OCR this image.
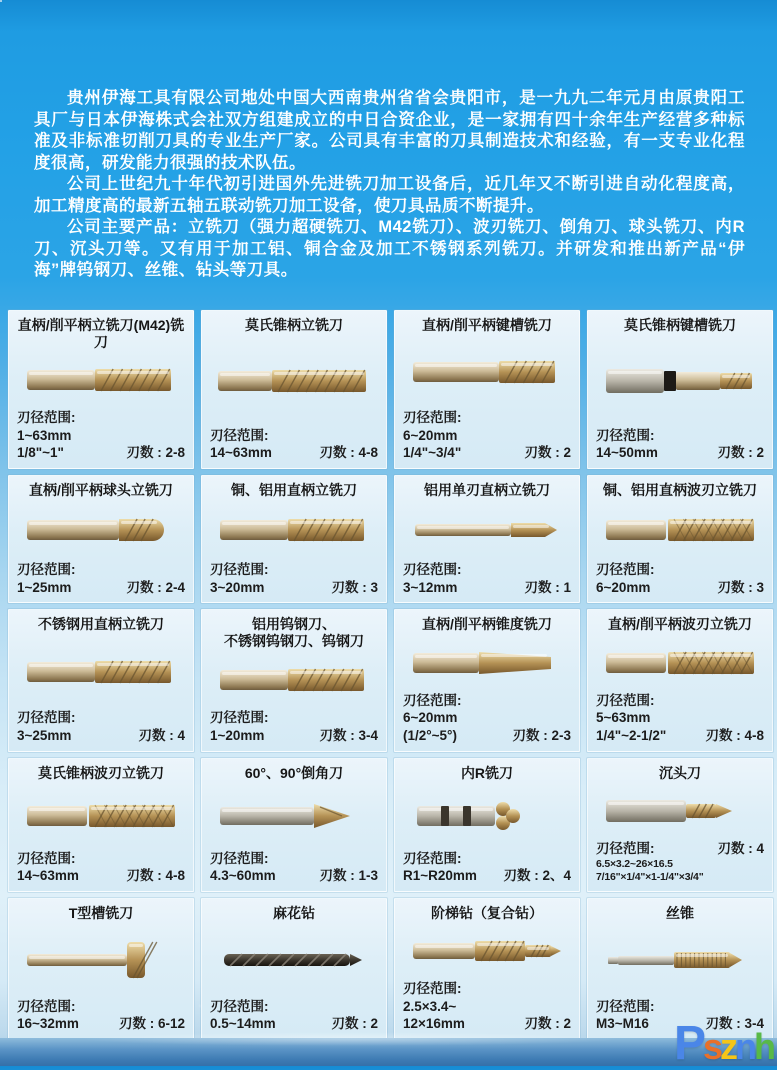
贵州伊海工具有限公司地处中国大西南贵州省省会贵阳市，是一九九二年元月由原贵阳工具厂与日本伊海株式会社双方组建成立的中日合资企业，是一家拥有四十余年生产经营多种标准及非标准切削刀具的专业生产厂家。公司具有丰富的刀具制造技术和经验，有一支专业化程度很高，研发能力很强的技术队伍。

公司上世纪九十年代初引进国外先进铣刀加工设备后，近几年又不断引进自动化程度高，加工精度高的最新五轴五联动铣刀加工设备，使刀具品质不断提升。

公司主要产品：立铣刀（强力超硬铣刀、M42铣刀）、波刃铣刀、倒角刀、球头铣刀、内R刀、沉头刀等。又有用于加工铝、铜合金及加工不锈钢系列铣刀。并研发和推出新产品“伊海”牌钨钢刀、丝锥、钻头等刀具。

直柄/削平柄立铣刀(M42)铣刀
刃径范围:
1~63mm
1/8"~1"	刃数 : 2-8
莫氏锥柄立铣刀
刃径范围:
14~63mm	刃数 : 4-8
直柄/削平柄键槽铣刀
刃径范围:
6~20mm
1/4"~3/4"	刃数 : 2
莫氏锥柄键槽铣刀
刃径范围:
14~50mm	刃数 : 2
直柄/削平柄球头立铣刀
刃径范围:
1~25mm	刃数 : 2-4
铜、铝用直柄立铣刀
刃径范围:
3~20mm	刃数 : 3
铝用单刃直柄立铣刀
刃径范围:
3~12mm	刃数 : 1
铜、铝用直柄波刃立铣刀
刃径范围:
6~20mm	刃数 : 3
不锈钢用直柄立铣刀
刃径范围:
3~25mm	刃数 : 4
铝用钨钢刀、
不锈钢钨钢刀、钨钢刀
刃径范围:
1~20mm	刃数 : 3-4
直柄/削平柄锥度铣刀
刃径范围:
6~20mm
(1/2°~5°)	刃数 : 2-3
直柄/削平柄波刃立铣刀
刃径范围:
5~63mm
1/4"~2-1/2"	刃数 : 4-8
莫氏锥柄波刃立铣刀
刃径范围:
14~63mm	刃数 : 4-8
60°、90°倒角刀
刃径范围:
4.3~60mm	刃数 : 1-3
内R铣刀
刃径范围:
R1~R20mm 刃数 : 2、4
沉头刀
刃径范围:	刃数 : 4
6.5×3.2~26×16.5
7/16"×1/4"×1-1/4"×3/4"
T型槽铣刀
刃径范围:
16~32mm	刃数 : 6-12
麻花钻
刃径范围:
0.5~14mm	刃数 : 2
阶梯钻（复合钻）
刃径范围:
2.5×3.4~
12×16mm	刃数 : 2
丝锥
刃径范围:
M3~M16	刃数 : 3-4
Psznh
